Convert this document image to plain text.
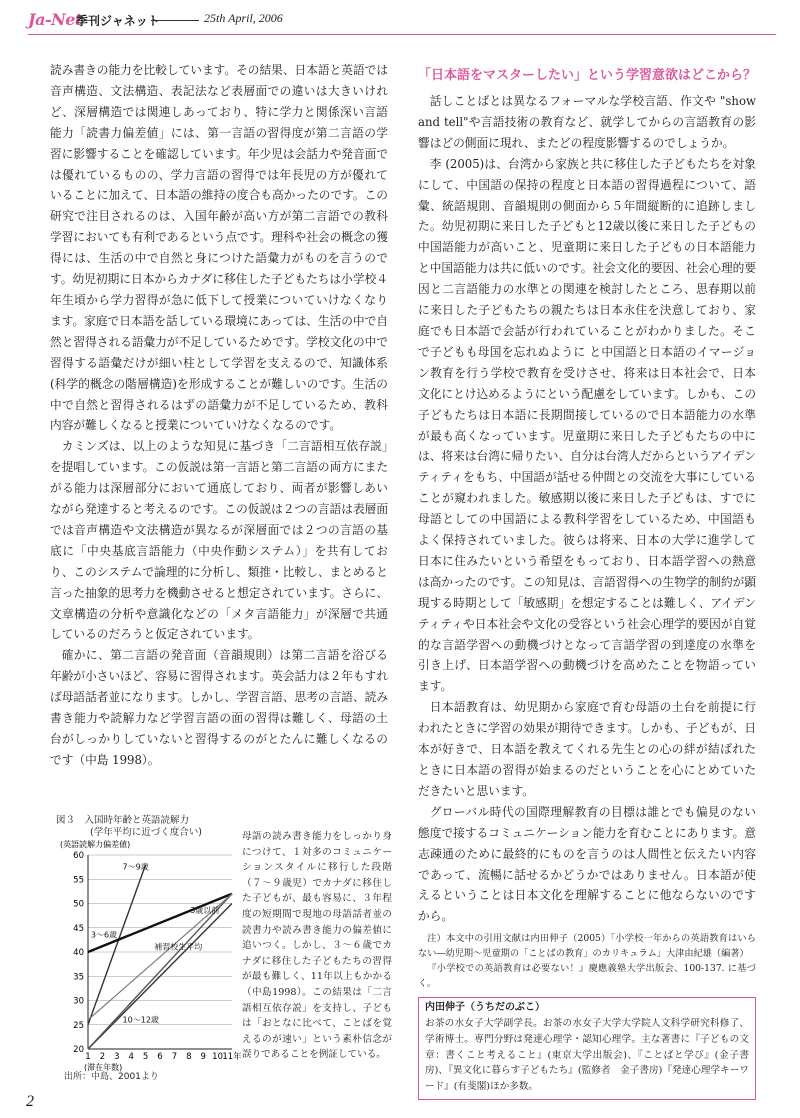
Ja-Net
季刊ジャネット	25th April, 2006

読み書きの能力を比較しています。その結果、日本語と英語では音声構造、文法構造、表記法など表層面での違いは大きいけれど、深層構造では関連しあっており、特に学力と関係深い言語能力「読書力偏差値」には、第一言語の習得度が第二言語の学習に影響することを確認しています。年少児は会話力や発音面では優れているものの、学力言語の習得では年長児の方が優れていることに加えて、日本語の維持の度合も高かったのです。この研究で注目されるのは、入国年齢が高い方が第二言語での教科学習においても有利であるという点です。理科や社会の概念の獲得には、生活の中で自然と身につけた語彙力がものを言うのです。幼児初期に日本からカナダに移住した子どもたちは小学校４年生頃から学力習得が急に低下して授業についていけなくなります。家庭で日本語を話している環境にあっては、生活の中で自然と習得される語彙力が不足しているためです。学校文化の中で習得する語彙だけが細い柱として学習を支えるので、知識体系(科学的概念の階層構造)を形成することが難しいのです。生活の中で自然と習得されるはずの語彙力が不足しているため、教科内容が難しくなると授業についていけなくなるのです。

カミンズは、以上のような知見に基づき「二言語相互依存説」を提唱しています。この仮説は第一言語と第二言語の両方にまたがる能力は深層部分において通底しており、両者が影響しあいながら発達すると考えるのです。この仮説は２つの言語は表層面では音声構造や文法構造が異なるが深層面では２つの言語の基底に「中央基底言語能力（中央作動システム）」を共有しており、このシステムで論理的に分析し、類推・比較し、まとめると言った抽象的思考力を機動させると想定されています。さらに、文章構造の分析や意識化などの「メタ言語能力」が深層で共通しているのだろうと仮定されています。

確かに、第二言語の発音面（音韻規則）は第二言語を浴びる年齢が小さいほど、容易に習得されます。英会話力は２年もすれば母語話者並になります。しかし、学習言語、思考の言語、読み書き能力や読解力など学習言語の面の習得は難しく、母語の土台がしっかりしていないと習得するのがとたんに難しくなるのです（中島 1998）。

図３　入国時年齢と英語読解力
(学年平均に近づく度合い)
(英語読解力偏差値)
20
25
30
35
40
45
50
55
60
1 2 3 4 5 6 7 8 9 10 11年
(滞在年数)
7〜9歳
3〜6歳
3歳以前
10〜12歳
補習校生平均
出所：中島、2001より
母語の読み書き能力をしっかり身につけて、１対多のコミュニケーションスタイルに移行した段階（７〜９歳児）でカナダに移住した子どもが、最も容易に、３年程度の短期間で現地の母語話者並の読書力や読み書き能力の偏差値に追いつく。しかし、３〜６歳でカナダに移住した子どもたちの習得が最も難しく、11年以上もかかる（中島1998）。この結果は「二言語相互依存説」を支持し、子どもは「おとなに比べて、ことばを覚えるのが速い」という素朴信念が誤りであることを例証している。
「日本語をマスターしたい」という学習意欲はどこから？

話しことばとは異なるフォーマルな学校言語、作文や "show and tell"や言語技術の教育など、就学してからの言語教育の影響はどの側面に現れ、またどの程度影響するのでしょうか。

李 (2005)は、台湾から家族と共に移住した子どもたちを対象にして、中国語の保持の程度と日本語の習得過程について、語彙、統語規則、音韻規則の側面から５年間縦断的に追跡しました。幼児初期に来日した子どもと12歳以後に来日した子どもの中国語能力が高いこと、児童期に来日した子どもの日本語能力と中国語能力は共に低いのです。社会文化的要因、社会心理的要因と二言語能力の水準との関連を検討したところ、思春期以前に来日した子どもたちの親たちは日本永住を決意しており、家庭でも日本語で会話が行われていることがわかりました。そこで子どもも母国を忘れぬように と中国語と日本語のイマージョン教育を行う学校で教育を受けさせ、将来は日本社会で、日本文化にとけ込めるようにという配慮をしています。しかも、この子どもたちは日本語に長期間接しているので日本語能力の水準が最も高くなっています。児童期に来日した子どもたちの中には、将来は台湾に帰りたい、自分は台湾人だからというアイデンティティをもち、中国語が話せる仲間との交流を大事にしていることが窺われました。敏感期以後に来日した子どもは、すでに母語としての中国語による教科学習をしているため、中国語もよく保持されていました。彼らは将来、日本の大学に進学して日本に住みたいという希望をもっており、日本語学習への熱意は高かったのです。この知見は、言語習得への生物学的制約が顕現する時期として「敏感期」を想定することは難しく、アイデンティティや日本社会や文化の受容という社会心理学的要因が自覚的な言語学習への動機づけとなって言語学習の到達度の水準を引き上げ、日本語学習への動機づけを高めたことを物語っています。

日本語教育は、幼児期から家庭で育む母語の土台を前提に行われたときに学習の効果が期待できます。しかも、子どもが、日本が好きで、日本語を教えてくれる先生との心の絆が結ばれたときに日本語の習得が始まるのだということを心にとめていただきたいと思います。

グローバル時代の国際理解教育の目標は誰とでも偏見のない態度で接するコミュニケーション能力を育むことにあります。意志疎通のために最終的にものを言うのは人間性と伝えたい内容であって、流暢に話せるかどうかではありません。日本語が使えるということは日本文化を理解することに他ならないのですから。

注）本文中の引用文献は内田伸子（2005）「小学校一年からの英語教育はいらない―幼児期〜児童期の「ことばの教育」のカリキュラム」大津由紀雄（編著）

『小学校での英語教育は必要ない！』慶應義塾大学出版会、100-137. に基づく。

内田伸子（うちだのぶこ）
お茶の水女子大学副学長。お茶の水女子大学大学院人文科学研究科修了、学術博士。専門分野は発達心理学・認知心理学。主な著書に『子どもの文章：書くこと考えること』(東京大学出版会)、『ことばと学び』(金子書房)、『異文化に暮らす子どもたち』(監修者　金子書房)『発達心理学キーワード』(有斐閣)ほか多数。
2
